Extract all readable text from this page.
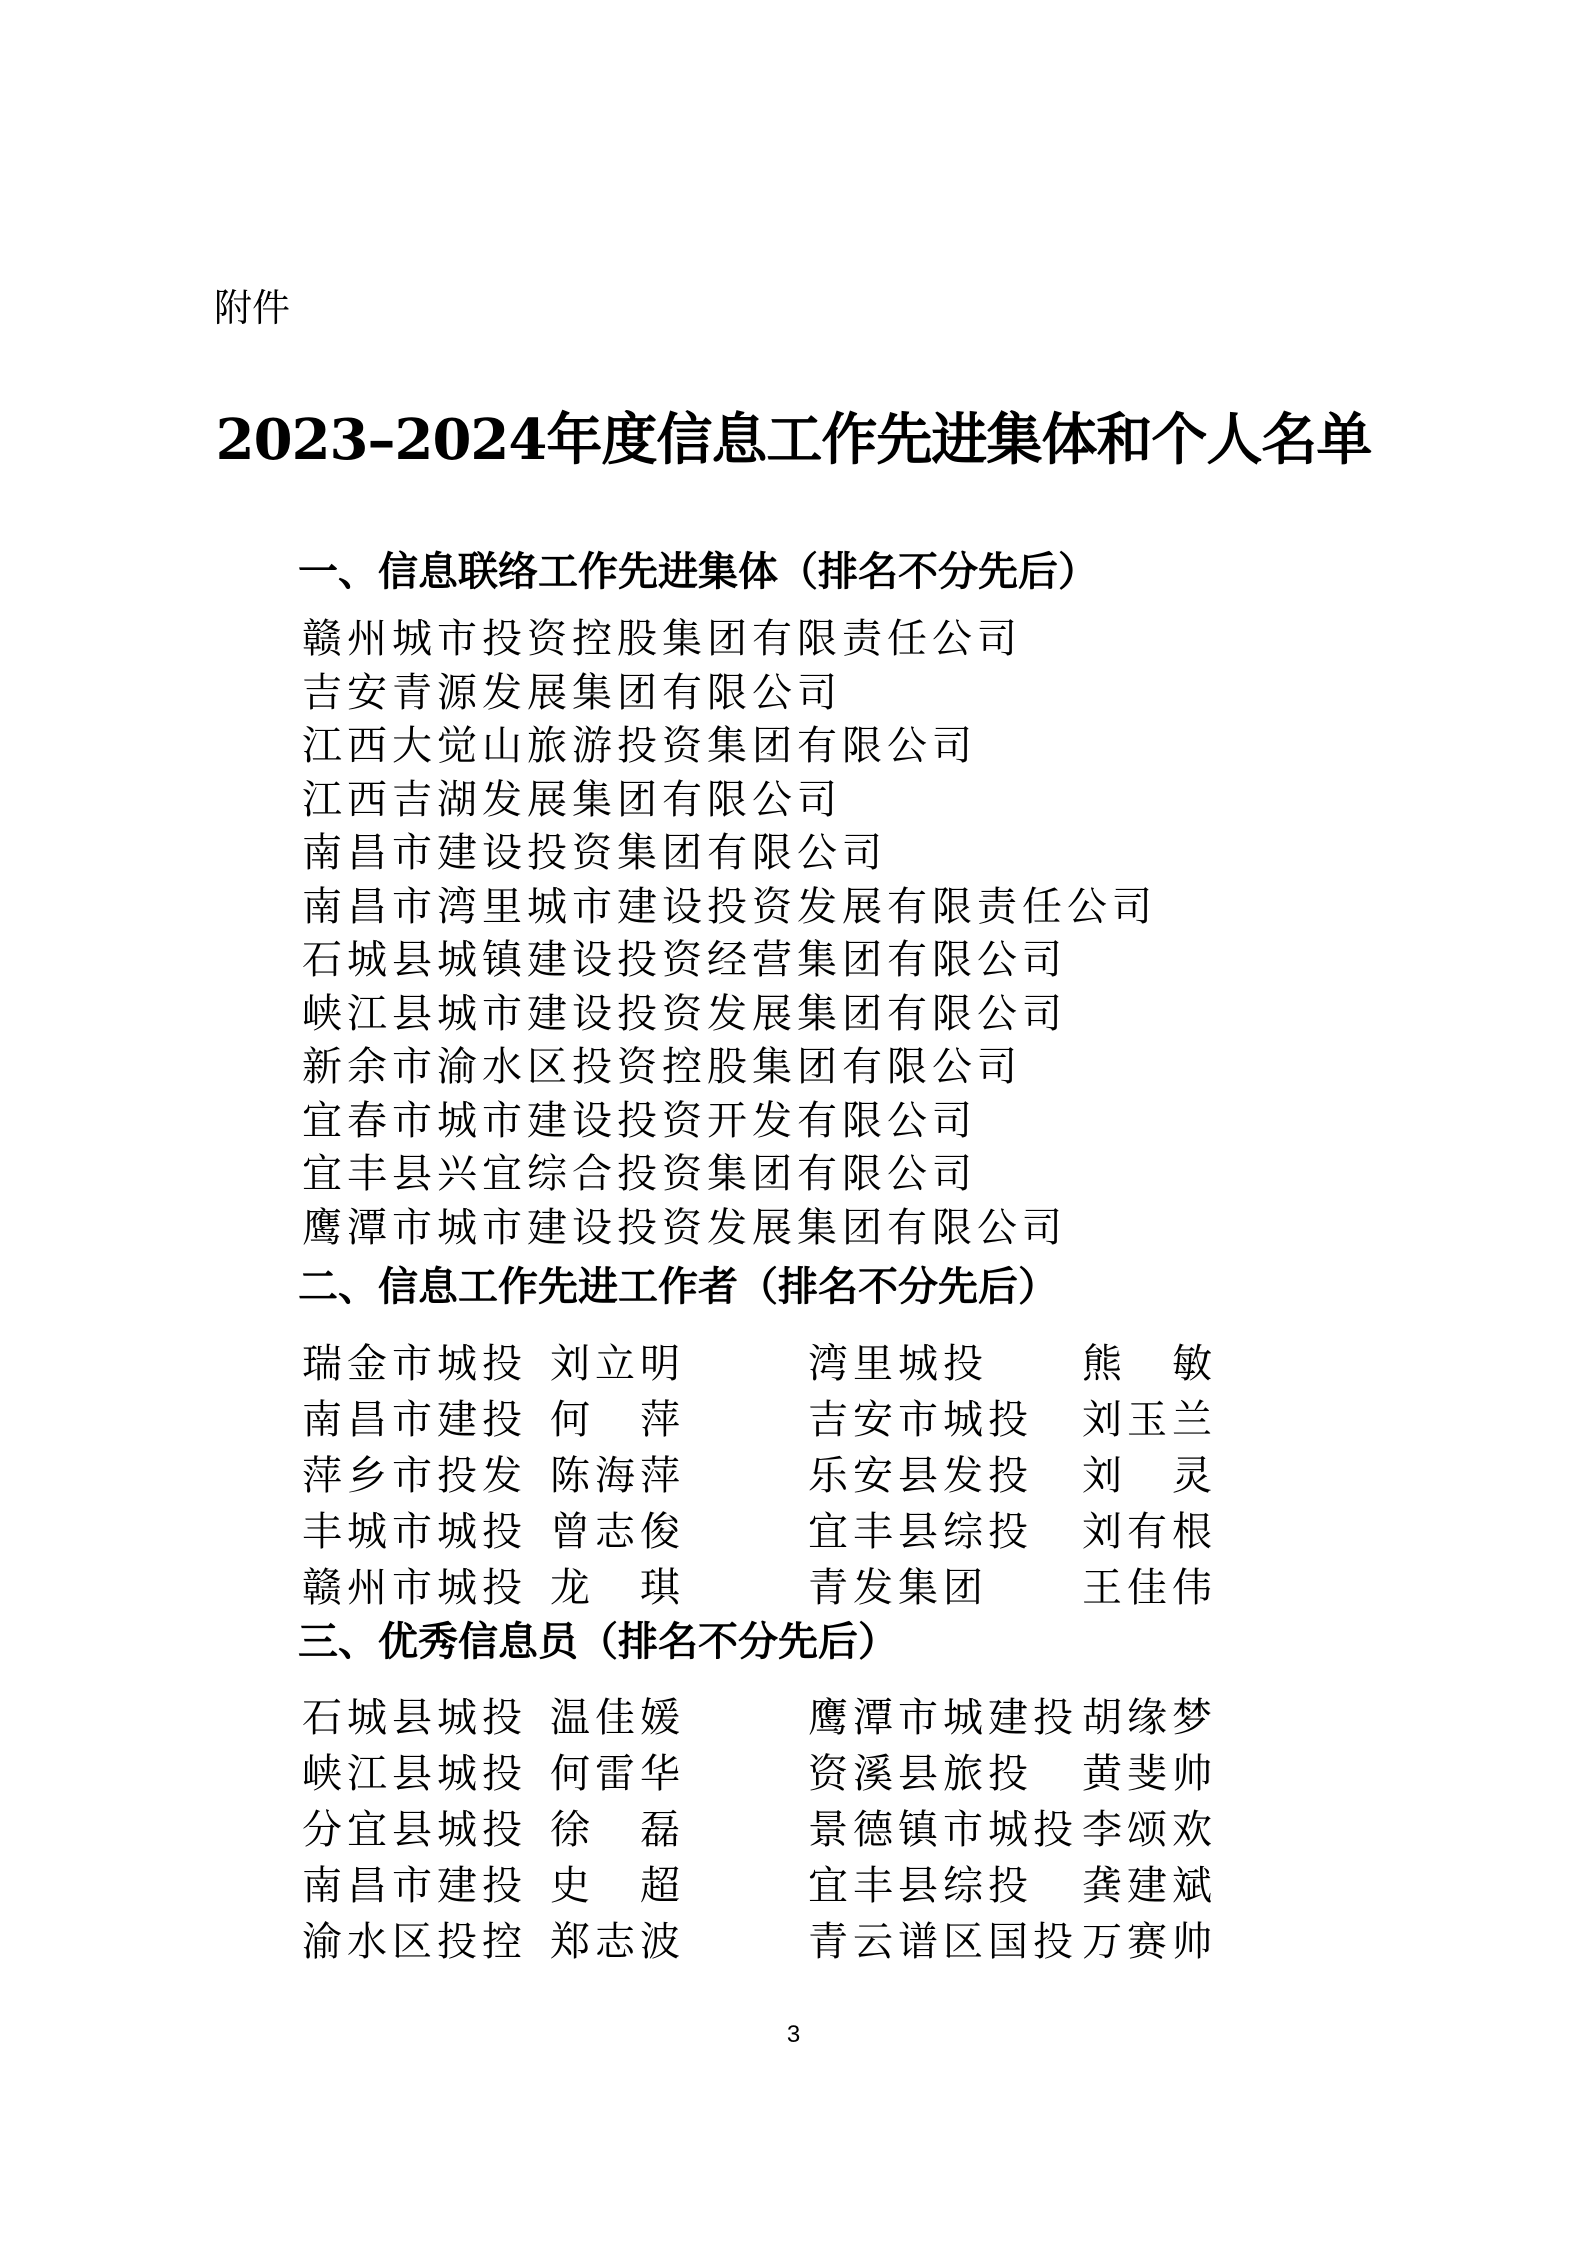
附件
2023–2024年度信息工作先进集体和个人名单
一、信息联络工作先进集体（排名不分先后）
赣州城市投资控股集团有限责任公司
吉安青源发展集团有限公司
江西大觉山旅游投资集团有限公司
江西吉湖发展集团有限公司
南昌市建设投资集团有限公司
南昌市湾里城市建设投资发展有限责任公司
石城县城镇建设投资经营集团有限公司
峡江县城市建设投资发展集团有限公司
新余市渝水区投资控股集团有限公司
宜春市城市建设投资开发有限公司
宜丰县兴宜综合投资集团有限公司
鹰潭市城市建设投资发展集团有限公司
二、信息工作先进工作者（排名不分先后）
瑞金市城投 刘立明	湾里城投 熊　敏
南昌市建投 何　萍	吉安市城投 刘玉兰
萍乡市投发 陈海萍	乐安县发投 刘　灵
丰城市城投 曾志俊	宜丰县综投 刘有根
赣州市城投 龙　琪	青发集团 王佳伟
三、优秀信息员（排名不分先后）
石城县城投 温佳媛	鹰潭市城建投 胡缘梦
峡江县城投 何雷华	资溪县旅投 黄斐帅
分宜县城投 徐　磊	景德镇市城投 李颂欢
南昌市建投 史　超	宜丰县综投 龚建斌
渝水区投控 郑志波	青云谱区国投 万赛帅
3
